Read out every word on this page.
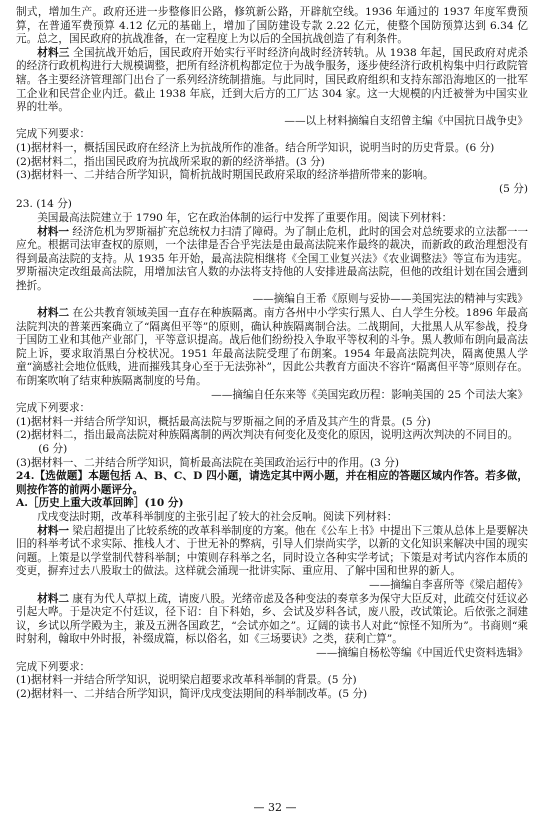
制式，增加生产。政府还进一步整修旧公路，修筑新公路，开辟航空线。1936 年通过的 1937 年度军费预算，在普通军费预算 4.12 亿元的基础上，增加了国防建设专款 2.22 亿元，使整个国防预算达到 6.34 亿元。总之，国民政府的抗战准备，在一定程度上为以后的全国抗战创造了有利条件。

材料三 全国抗战开始后，国民政府开始实行平时经济向战时经济转轨。从 1938 年起，国民政府对虎杀的经济行政机构进行大规模调整，把所有经济机构都定位于为战争服务，逐步使经济行政机构集中归行政院管辖。各主要经济管理部门出台了一系列经济统制措施。与此同时，国民政府组织和支持东部沿海地区的一批军工企业和民营企业内迁。截止 1938 年底，迁到大后方的工厂达 304 家。这一大规模的内迁被誉为中国实业界的壮举。

——以上材料摘编自支绍曾主编《中国抗日战争史》

完成下列要求：

(1)据材料一，概括国民政府在经济上为抗战所作的准备。结合所学知识，说明当时的历史背景。(6 分)

(2)据材料二，指出国民政府为抗战所采取的新的经济举措。(3 分)

(3)据材料一、二并结合所学知识，简析抗战时期国民政府采取的经济举措所带来的影响。

(5 分)

23. (14 分)

美国最高法院建立于 1790 年，它在政治体制的运行中发挥了重要作用。阅读下列材料：

材料一 经济危机为罗斯福扩充总统权力扫清了障碍。为了制止危机，此时的国会对总统要求的立法都一一应允。根据司法审查权的原则，一个法律是否合乎宪法是由最高法院来作最终的裁决，而新政的政治理想没有得到最高法院的支持。从 1935 年开始，最高法院相继将《全国工业复兴法》《农业调整法》等宣布为违宪。罗斯福决定改组最高法院，用增加法官人数的办法将支持他的人安排进最高法院，但他的改组计划在国会遭到挫折。

——摘编自王希《原则与妥协——美国宪法的精神与实践》

材料二 在公共教育领域美国一直存在种族隔离。南方各州中小学实行黑人、白人学生分校。1896 年最高法院判决的普莱西案确立了“隔离但平等”的原则，确认种族隔离制合法。二战期间，大批黑人从军参战，投身于国防工业和其他产业部门，平等意识提高。战后他们纷纷投入争取平等权利的斗争。黑人教师布朗向最高法院上诉，要求取消黑白分校状况。1951 年最高法院受理了布朗案。1954 年最高法院判决，隔离使黑人学童“滴感社会地位低贱，进而摧残其身心至于无法弥补”，因此公共教育方面决不容许“隔离但平等”原则存在。布朗案吹响了结束种族隔离制度的号角。

——摘编自任东来等《美国宪政历程：影响美国的 25 个司法大案》

完成下列要求：

(1)据材料一并结合所学知识，概括最高法院与罗斯福之间的矛盾及其产生的背景。(5 分)

(2)据材料二，指出最高法院对种族隔离制的两次判决有何变化及变化的原因，说明这两次判决的不同目的。(6 分)

(3)据材料一、二并结合所学知识，简析最高法院在美国政治运行中的作用。(3 分)

24.【选做题】本题包括 A、B、C、D 四小题，请选定其中两小题，并在相应的答题区域内作答。若多做，则按作答的前两小题评分。

A.［历史上重大改革回眸］(10 分)

戊戌变法时期，改革科举制度的主张引起了较大的社会反响。阅读下列材料：

材料一 梁启超提出了比较系统的改革科举制度的方案。他在《公车上书》中提出下三策从总体上是要解决旧的科举考试不求实际、推栈人才、于世无补的弊病，引导人们崇尚实学，以新的文化知识来解决中国的现实问题。上策是以学堂制代替科举制；中策则存科举之名，同时设立各种实学考试；下策是对考试内容作本质的变更，摒弃过去八股取士的做法。这样就会涌现一批讲实际、重应用、了解中国和世界的新人。

——摘编自李喜所等《梁启超传》

材料二 康有为代人草拟上疏，请废八股。光绪帝虑及各种变法的奏章多为保守大臣反对，此疏交付廷议必引起大哗。于是决定不付廷议，径下诏：自下科始，乡、会试及岁科各试，废八股，改试策论。后依张之洞建议，乡试以所学殿为主，兼及五洲各国政艺，“会试亦如之”。辽阔的读书人对此“惊怪不知所为”。书商则“乘时射利，翰取中外时报，补缀成篇，标以俗名，如《三场要诀》之类，获利亡算”。

——摘编自杨松等编《中国近代史资料选辑》

完成下列要求：

(1)据材料一并结合所学知识，说明梁启超要求改革科举制的背景。(5 分)

(2)据材料一、二并结合所学知识，简评戊戌变法期间的科举制改革。(5 分)

— 32 —
